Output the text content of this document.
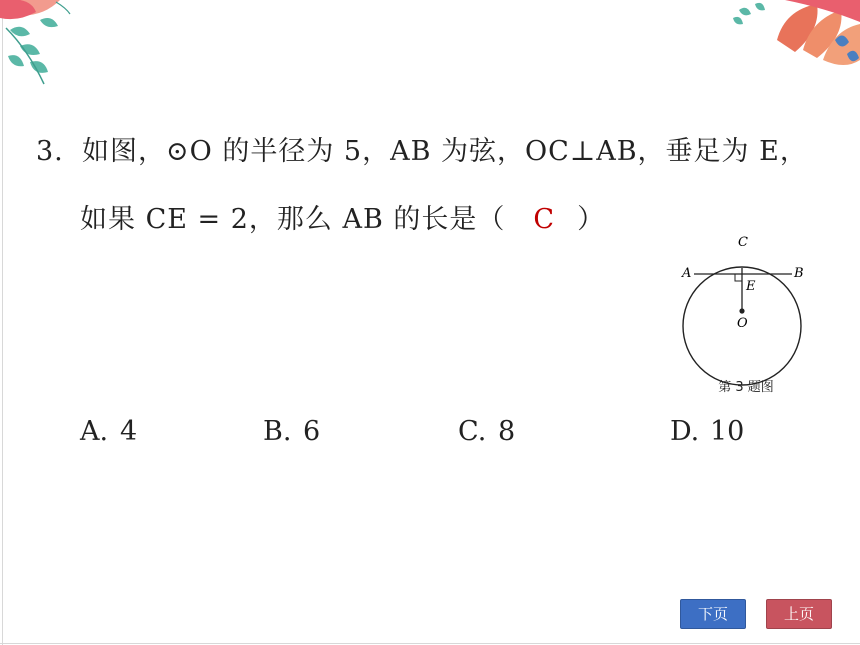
3. 如图，⊙O 的半径为 5，AB 为弦，OC⊥AB，垂足为 E，
如果 CE = 2，那么 AB 的长是（ C ）
C
A	B
E
O
第 3 题图
A. 4	B. 6	C. 8	D. 10
下页	上页
